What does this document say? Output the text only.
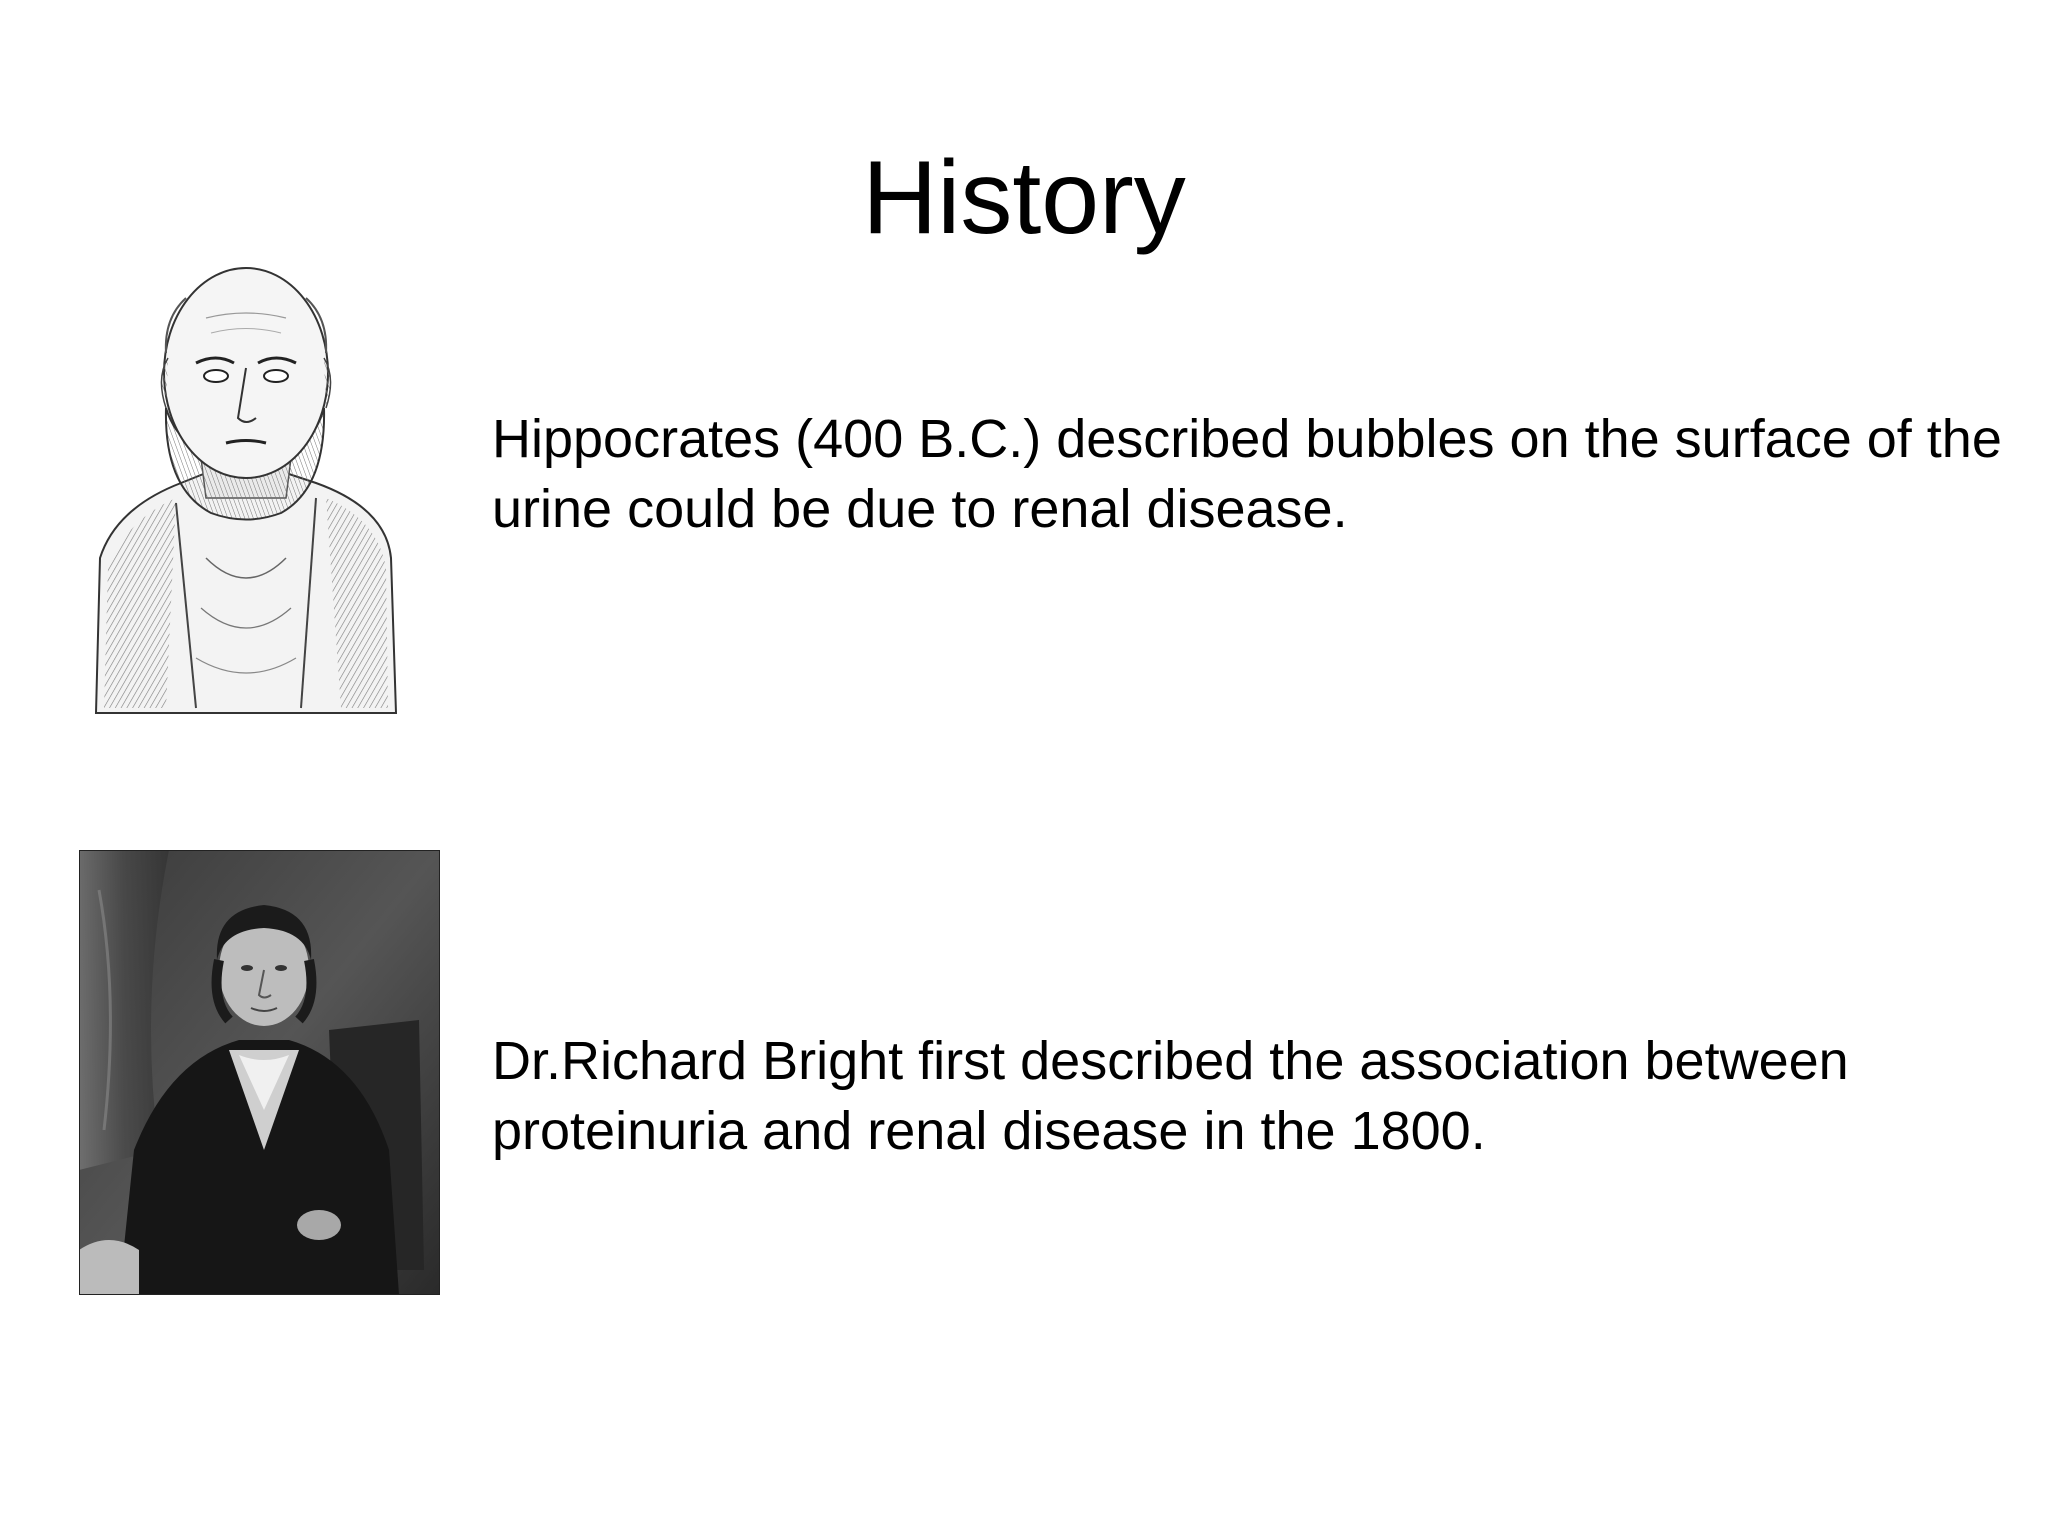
History

Hippocrates (400 B.C.) described bubbles on the surface of the urine could be due to renal disease.

Dr.Richard Bright first described the association between proteinuria and renal disease in the 1800.
